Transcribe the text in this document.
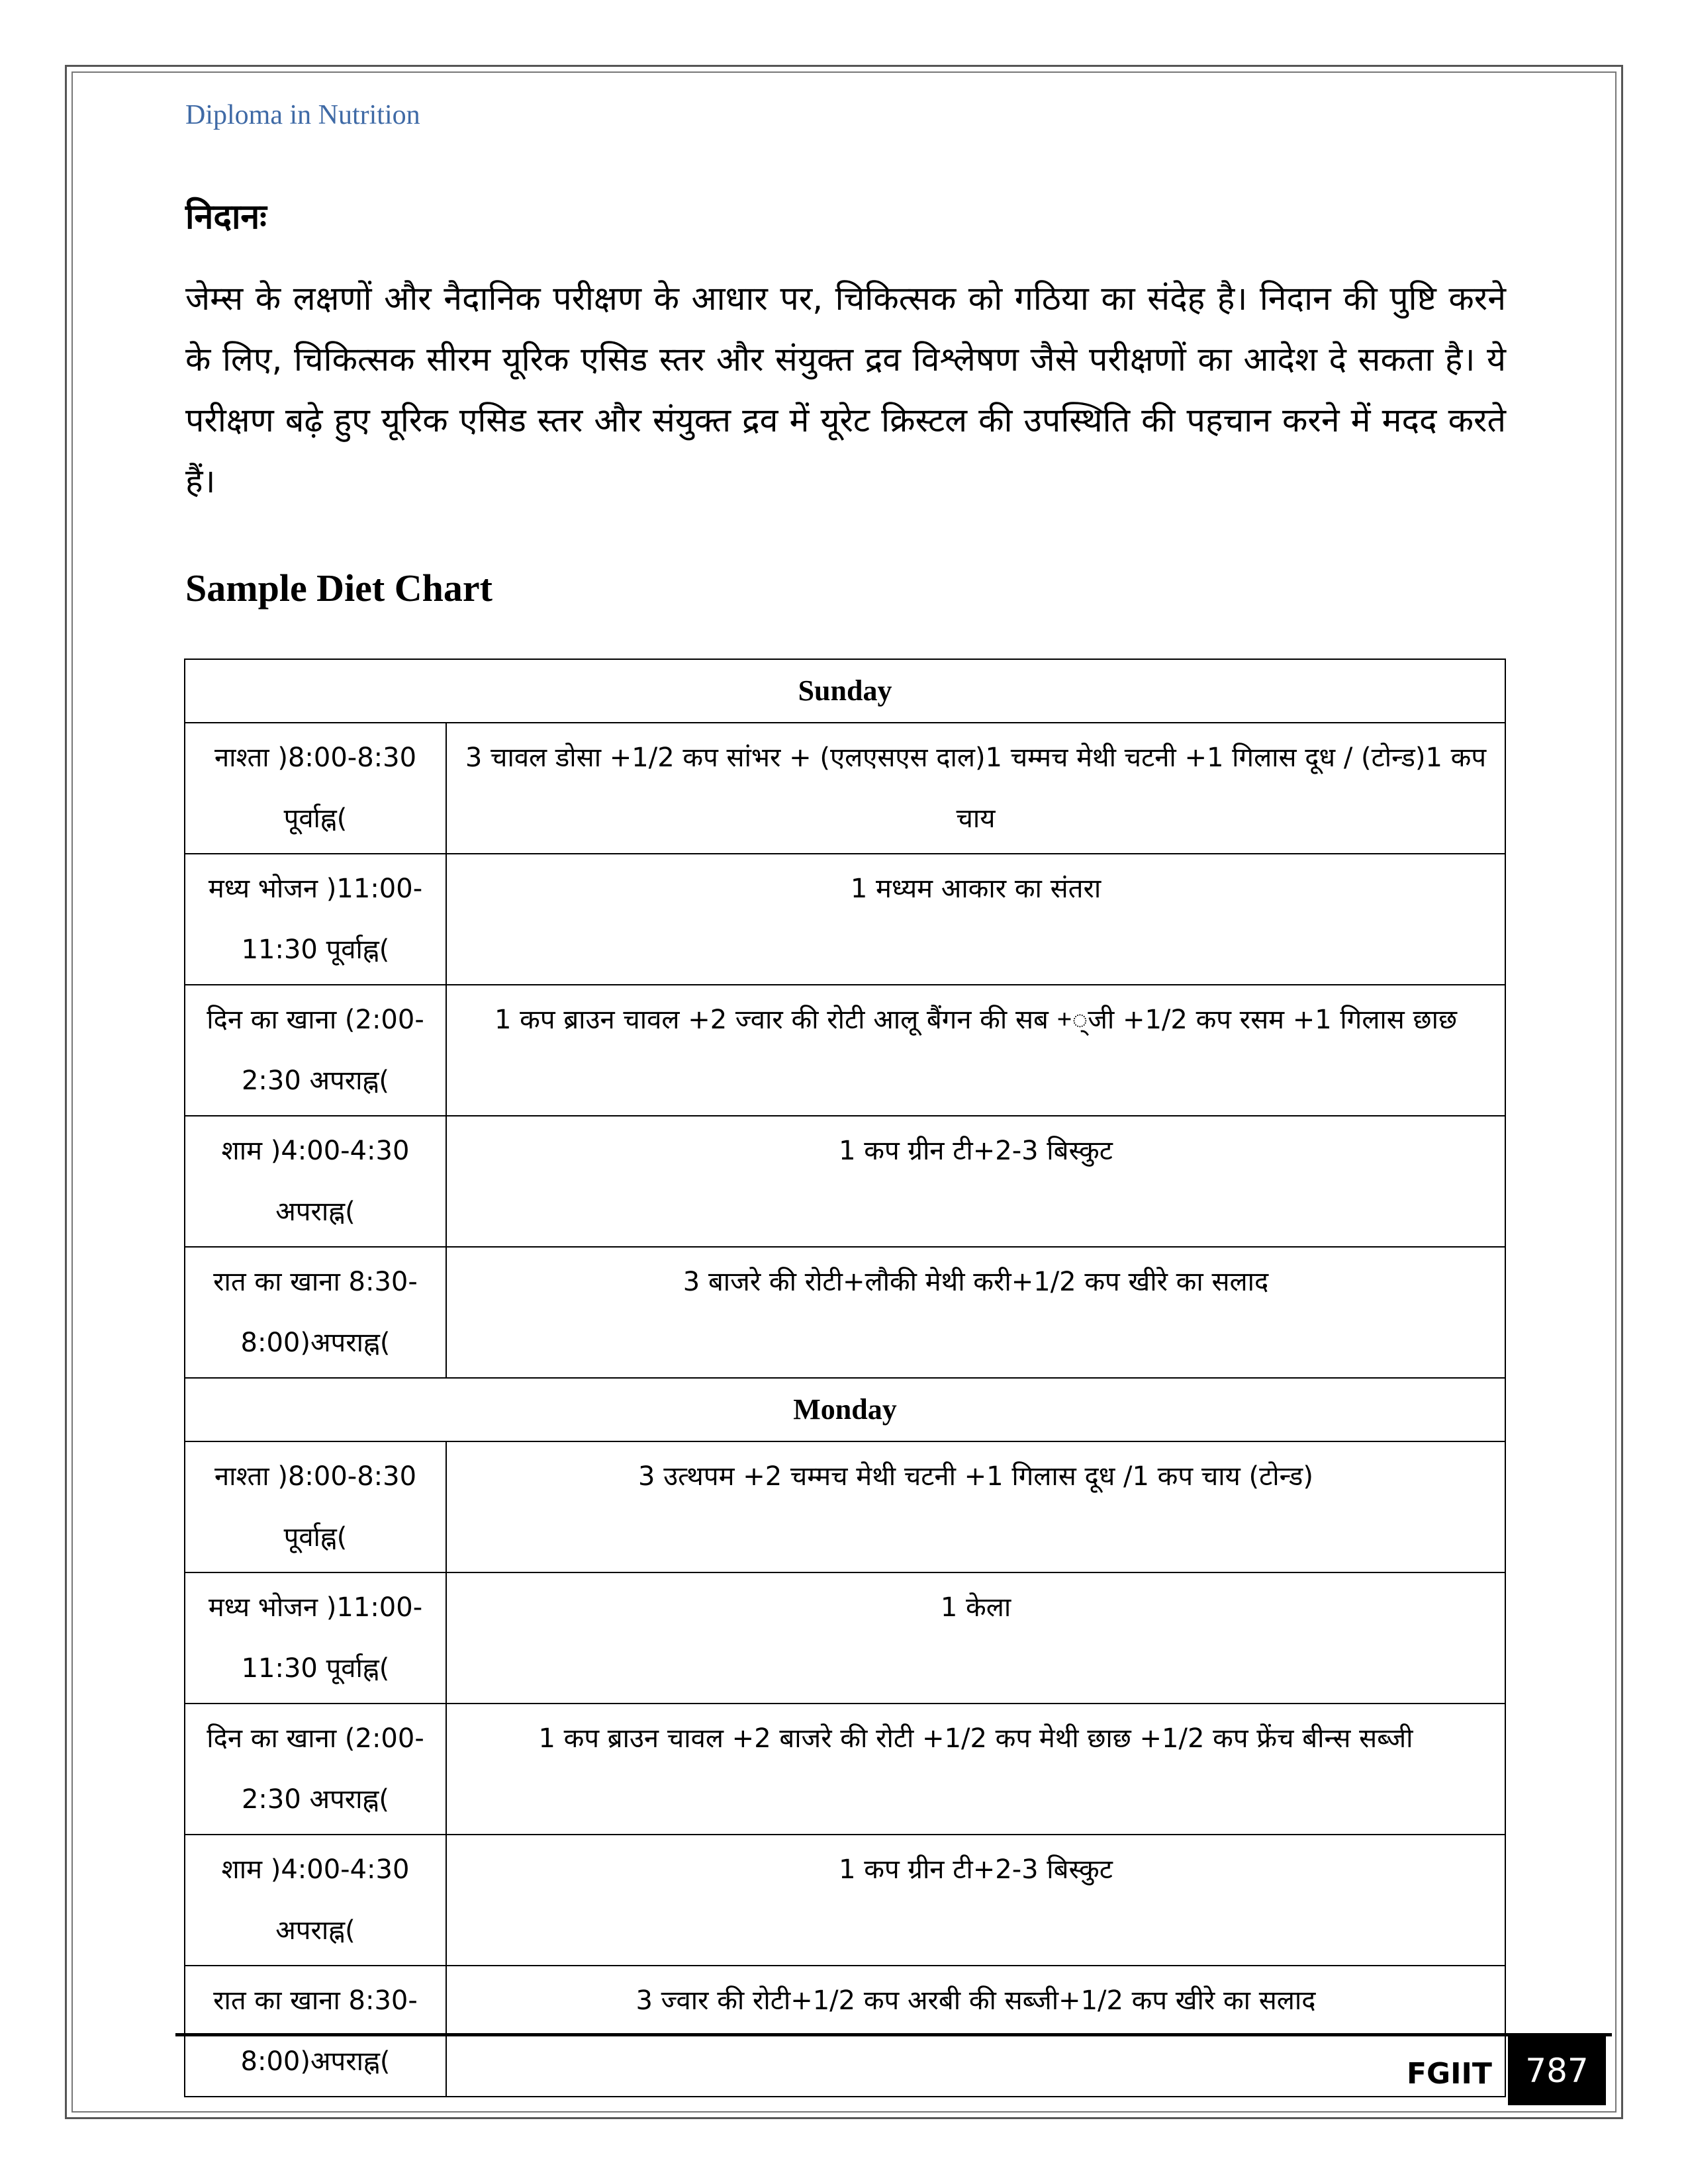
Diploma in Nutrition
निदानः

जेम्स के लक्षणों और नैदानिक परीक्षण के आधार पर, चिकित्सक को गठिया का संदेह है। निदान की पुष्टि करने के लिए, चिकित्सक सीरम यूरिक एसिड स्तर और संयुक्त द्रव विश्लेषण जैसे परीक्षणों का आदेश दे सकता है। ये परीक्षण बढ़े हुए यूरिक एसिड स्तर और संयुक्त द्रव में यूरेट क्रिस्टल की उपस्थिति की पहचान करने में मदद करते हैं।

Sample Diet Chart
Sunday	
नाश्ता )8:00-8:30 पूर्वाह्न(	3 चावल डोसा +1/2 कप सांभर + (एलएसएस दाल)1 चम्मच मेथी चटनी +1 गिलास दूध / (टोन्ड)1 कप चाय
मध्य भोजन )11:00-11:30 पूर्वाह्न(	1 मध्यम आकार का संतरा
दिन का खाना (2:00-2:30 अपराह्न(	1 कप ब्राउन चावल +2 ज्वार की रोटी आलू बैंगन की सब +्जी +1/2 कप रसम +1 गिलास छाछ
शाम )4:00-4:30 अपराह्न(	1 कप ग्रीन टी+2-3 बिस्कुट
रात का खाना 8:30-8:00)अपराह्न(	3 बाजरे की रोटी+लौकी मेथी करी+1/2 कप खीरे का सलाद
Monday	
नाश्ता )8:00-8:30 पूर्वाह्न(	3 उत्थपम +2 चम्मच मेथी चटनी +1 गिलास दूध /1 कप चाय (टोन्ड)
मध्य भोजन )11:00-11:30 पूर्वाह्न(	1 केला
दिन का खाना (2:00-2:30 अपराह्न(	1 कप ब्राउन चावल +2 बाजरे की रोटी +1/2 कप मेथी छाछ +1/2 कप फ्रेंच बीन्स सब्जी
शाम )4:00-4:30 अपराह्न(	1 कप ग्रीन टी+2-3 बिस्कुट
रात का खाना 8:30-8:00)अपराह्न(	3 ज्वार की रोटी+1/2 कप अरबी की सब्जी+1/2 कप खीरे का सलाद
FGIIT	787
